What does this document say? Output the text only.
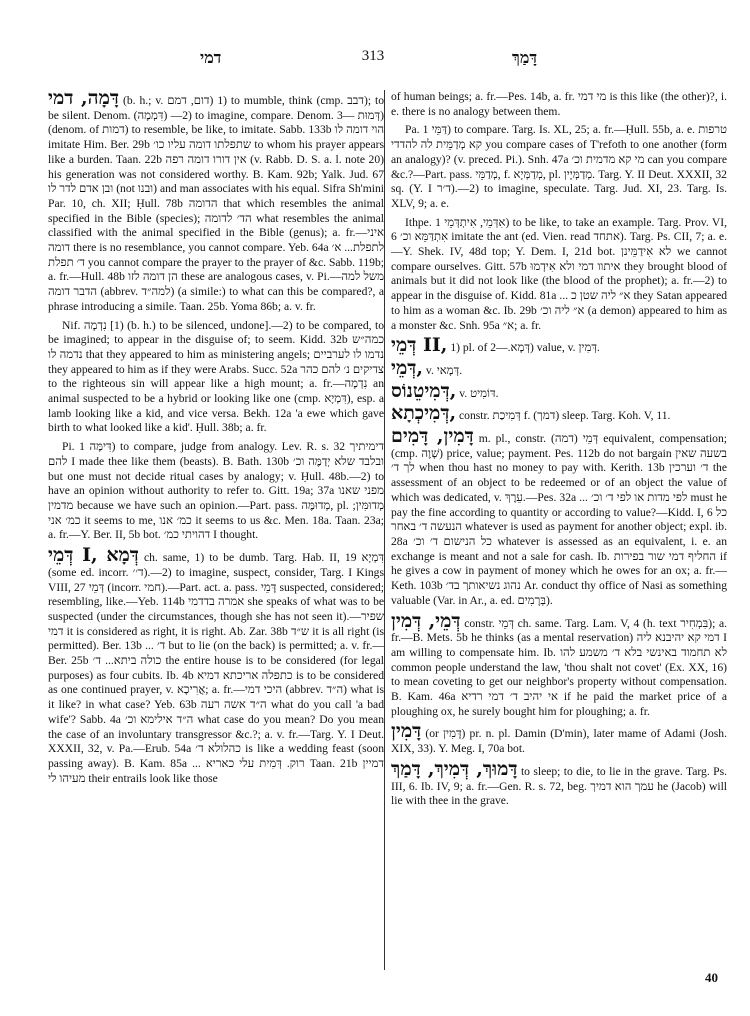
דמי	313	דָּמַךְ

דָּמָה, דמי (b. h.; v. דום, דמם) 1) to mumble, think (cmp. דבב); to be silent. Denom. (דִּמְמָה) —2) to imagine, compare. Denom. דְּמוּת —3) (denom. of דמות) to resemble, be like, to imitate. Sabb. 133b הוי דומה לו imitate Him. Ber. 29b שתפלתו דומה עליו כו׳ to whom his prayer appears like a burden. Taan. 22b אין דורו דומה רפה (v. Rabb. D. S. a. l. note 20) his generation was not considered worthy. B. Kam. 92b; Yalk. Jud. 67 ובן אדם לדר לו (not ובנו) and man associates with his equal. Sifra Sh'mini Par. 10, ch. XII; Ḥull. 78b הדומה that which resembles the animal specified in the Bible (species); הד׳ לדומה what resembles the animal classified with the animal specified in the Bible (genus); a. fr.—איני דומה there is no resemblance, you cannot compare. Yeb. 64a לתפלת... א׳ ד׳ תפלת you cannot compare the prayer to the prayer of &c. Sabb. 119b; a. fr.—Hull. 48b הן דומה לזו these are analogous cases, v. Pi.—משל למה הדבר דומה (abbrev. למה״ד) (a simile:) to what can this be compared?, a phrase introducing a simile. Taan. 25b. Yoma 86b; a. v. fr.

Nif. נִדְמָה [1) (b. h.) to be silenced, undone].—2) to be compared, to be imagined; to appear in the disguise of; to seem. Kidd. 32b כמה״ש נדמה לו that they appeared to him as ministering angels; נדמו לו לערביים they appeared to him as if they were Arabs. Succ. 52a צדיקים נ׳ להם כהר to the righteous sin will appear like a high mount; a. fr.—נִדְמָה an animal suspected to be a hybrid or looking like one (cmp. דִּמְיָא), esp. a lamb looking like a kid, and vice versa. Bekh. 12a 'a ewe which gave birth to what looked like a kid'. Ḥull. 38b; a. fr.

Pi. דִּימָּה 1) to compare, judge from analogy. Lev. R. s. 32 דימיתיך להם I made thee like them (beasts). B. Bath. 130b ובלבד שלא יְדַמֶּה וכ׳ but one must not decide ritual cases by analogy; v. Ḥull. 48b.—2) to have an opinion without authority to refer to. Gitt. 19a; 37a מפני שאנו מדמין because we have such an opinion.—Part. pass. מְדוּמֶּה, pl. מְדוּמִּין; כמ׳ אני it seems to me, כמ׳ אנו it seems to us &c. Men. 18a. Taan. 23a; a. fr.—Y. Ber. II, 5b bot. דהויתי כמ׳ I thought.

דְּמֵי I, דְּמָא ch. same, 1) to be dumb. Targ. Hab. II, 19 דִּמְיָא (some ed. incorr. ד׳׳).—2) to imagine, suspect, consider, Targ. I Kings VIII, 27 דְּמֵי (incorr. חמי).—Part. act. a. pass. דָּמֵי suspected, considered; resembling, like.—Yeb. 114b אמרה בדדמי she speaks of what was to be suspected (under the circumstances, though she has not seen it).—שפיר דמי it is considered as right, it is right. Ab. Zar. 38b ש״ד it is all right (is permitted). Ber. 13b ... ד׳ but to lie (on the back) is permitted; a. v. fr.—Ber. 25b כולה ביתא... ד׳ the entire house is to be considered (for legal purposes) as four cubits. Ib. 4b כתפלה אריכתא דמיא is to be considered as one continued prayer, v. אֲרִיכָא; a. fr.—היכי דמי (abbrev. ה״ד) what is it like? in what case? Yeb. 63b ה״ד אשה רעה what do you call 'a bad wife'? Sabb. 4a ה״ד אילימא וכ׳ what case do you mean? Do you mean the case of an involuntary transgressor &c.?; a. v. fr.—Targ. Y. I Deut. XXXII, 32, v. Pa.—Erub. 54a כהלולא ד׳ is like a wedding feast (soon passing away). B. Kam. 85a ... רוק. דְּמִית עלי כאריא Taan. 21b דמיין מעיהו לי their entrails look like those

of human beings; a. fr.—Pes. 14b, a. fr. מי דמי is this like (the other)?, i. e. there is no analogy between them.

Pa. דַּמֵּי 1) to compare. Targ. Is. XL, 25; a. fr.—Ḥull. 55b, a. e. טרפות קא מְדַמֵּית לה להדדי you compare cases of T'refoth to one another (form an analogy)? (v. preced. Pi.). Snh. 47a מי קא מדמית וכ׳ can you compare &c.?—Part. pass. מְדַמֵּי, f. מְדַמְּיָא, pl. מְדַמְּיָין. Targ. Y. II Deut. XXXII, 32 sq. (Y. I ד׳ר).—2) to imagine, speculate. Targ. Jud. XI, 23. Targ. Is. XLV, 9; a. e.

Ithpe. אִדְּמֵי, אִיתְדְּמֵי 1) to be like, to take an example. Targ. Prov. VI, 6 אִתְדַּמֵּא וכ׳ imitate the ant (ed. Vien. read אתחד). Targ. Ps. CII, 7; a. e.—Y. Shek. IV, 48d top; Y. Dem. I, 21d bot. לא אִידַמֵּינן we cannot compare ourselves. Gitt. 57b איתוו דמי ולא אִידְמוּ they brought blood of animals but it did not look like (the blood of the prophet); a. fr.—2) to appear in the disguise of. Kidd. 81a ... א״ ליה שטן כ they Satan appeared to him as a woman &c. Ib. 29b א״ ליה וכ׳ (a demon) appeared to him as a monster &c. Snh. 95a א״; a. fr.

דְּמֵי II, 1) pl. of דְּמָא.—2) value, v. דְּמִין.

דְּמֵי, v. דְּמָאי.

דְּמִיטֵנוֹס, v. דּוֹמִיט.

דְּמִיכְתָא, constr. דְּמִיכַת f. (דמך) sleep. Targ. Koh. V, 11.

דָּמִין, דָּמִים m. pl., constr. דְּמֵי (דמה) equivalent, compensation; (cmp. שָׁוֶה) price, value; payment. Pes. 112b do not bargain בשעה שאין לך ד׳ when thou hast no money to pay with. Kerith. 13b ד׳ וערכין the assessment of an object to be redeemed or of an object the value of which was dedicated, v. עֵרֶךְ.—Pes. 32a ... לפי מדות או לפי ד׳ וכ׳ must he pay the fine according to quantity or according to value?—Kidd. I, 6 כל הנעשה ד׳ באחר whatever is used as payment for another object; expl. ib. 28a כל הנישום ד׳ וכ׳ whatever is assessed as an equivalent, i. e. an exchange is meant and not a sale for cash. Ib. החליף דמי שור בפירות if he gives a cow in payment of money which he owes for an ox; a. fr.—Keth. 103b נהוג נשיאותך בד׳ Ar. conduct thy office of Nasi as something valuable (Var. in Ar., a. ed. בְּרָמִים).

דְּמֵי, דְּמִין constr. דְּמֵי ch. same. Targ. Lam. V, 4 (h. text בִּמְחִיר); a. fr.—B. Mets. 5b he thinks (as a mental reservation) דמי קא יהיבנא ליה I am willing to compensate him. Ib. לא תחמוד באינשי בלא ד׳ משמע להו common people understand the law, 'thou shalt not covet' (Ex. XX, 16) to mean coveting to get our neighbor's property without compensation. B. Kam. 46a אי יהיב ד׳ דמי רדיא if he paid the market price of a ploughing ox, he surely bought him for ploughing; a. fr.

דָּמִין (or דָּמִין) pr. n. pl. Damin (D'min), later mame of Adami (Josh. XIX, 33). Y. Meg. I, 70a bot.

דָּמוּךְ, דְּמִיךְ, דָּמַךְ to sleep; to die, to lie in the grave. Targ. Ps. III, 6. Ib. IV, 9; a. fr.—Gen. R. s. 72, beg. עמך הוא דמיך he (Jacob) will lie with thee in the grave.

40
